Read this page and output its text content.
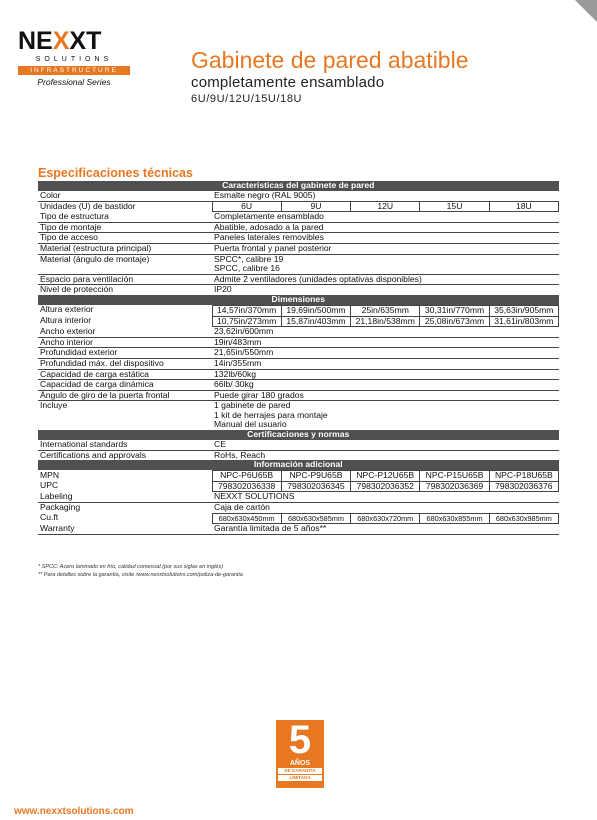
NEXXT
SOLUTIONS
INFRASTRUCTURE
Professional Series
Gabinete de pared abatible
completamente ensamblado
6U/9U/12U/15U/18U
Especificaciones técnicas
Características del gabinete de pared					
Color	Esmalte negro (RAL 9005)				
Unidades (U) de bastidor	6U	9U	12U	15U	18U
Tipo de estructura	Completamente ensamblado				
Tipo de montaje	Abatible, adosado a la pared				
Tipo de acceso	Paneles laterales removibles				
Material (estructura principal)	Puerta frontal y panel posterior				
Material (ángulo de montaje)	SPCC*, calibre 19				
	SPCC, calibre 16				
Espacio para ventilación	Admite 2 ventiladores (unidades optativas disponibles)				
Nivel de protección	IP20				
Dimensiones					
Altura exterior	14,57in/370mm	19,69in/500mm	25in/635mm	30,31in/770mm	35,63in/905mm
Altura interior	10,75in/273mm	15,87in/403mm	21,18in/538mm	25,08in/673mm	31,61in/803mm
Ancho exterior	23,62in/600mm				
Ancho interior	19in/483mm				
Profundidad exterior	21,65in/550mm				
Profundidad máx. del dispositivo	14in/355mm				
Capacidad de carga estática	132lb/60kg				
Capacidad de carga dinámica	66lb/ 30kg				
Ángulo de giro de la puerta frontal	Puede girar 180 grados				
Incluye	1 gabinete de pared				
	1 kit de herrajes para montaje				
	Manual del usuario				
Certificaciones y normas					
International standards	CE				
Certifications and approvals	RoHs, Reach				
Información adicional					
MPN	NPC-P6U65B	NPC-P9U65B	NPC-P12U65B	NPC-P15U65B	NPC-P18U65B
UPC	798302036338	798302036345	798302036352	798302036369	798302036376
Labeling	NEXXT SOLUTIONS				
Packaging	Caja de cartón				
Cu.ft	680x630x450mm	680x630x585mm	680x630x720mm	680x630x855mm	680x630x985mm
Warranty	Garantía limitada de 5 años**				
* SPCC: Acero laminado en frío, calidad comercial (por sus siglas en inglés)
** Para detalles sobre la garantía, visite /www.nexxtsolutions.com/poliza-de-garantia
5
AÑOS
DE GARANTÍA
LIMITADA
www.nexxtsolutions.com
